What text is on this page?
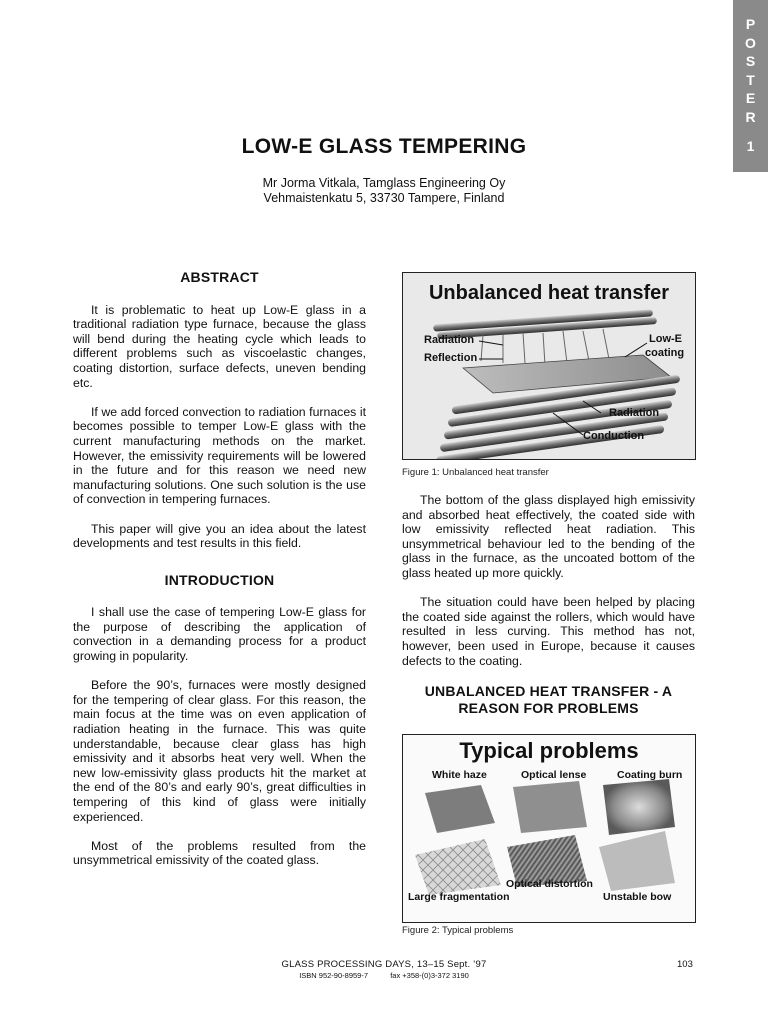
P
O
S
T
E
R
1
LOW-E GLASS TEMPERING
Mr Jorma Vitkala, Tamglass Engineering Oy
Vehmaistenkatu 5, 33730 Tampere, Finland
ABSTRACT

It is problematic to heat up Low-E glass in a traditional radiation type furnace, because the glass will bend during the heating cycle which leads to different problems such as viscoelastic changes, coating distortion, surface defects, uneven bending etc.

If we add forced convection to radiation furnaces it becomes possible to temper Low-E glass with the current manufacturing methods on the market. However, the emissivity requirements will be lowered in the future and for this reason we need new manufacturing solutions. One such solution is the use of convection in tempering furnaces.

This paper will give you an idea about the latest developments and test results in this field.

INTRODUCTION

I shall use the case of tempering Low-E glass for the purpose of describing the application of convection in a demanding process for a product growing in popularity.

Before the 90’s, furnaces were mostly designed for the tempering of clear glass. For this reason, the main focus at the time was on even application of radiation heating in the furnace. This was quite understandable, because clear glass has high emissivity and it absorbs heat very well. When the new low-emissivity glass products hit the market at the end of the 80’s and early 90’s, great difficulties in tempering of this kind of glass were initially experienced.

Most of the problems resulted from the unsymmetrical emissivity of the coated glass.

Unbalanced heat transfer
Radiation
Reflection
Low-E
coating
Radiation
Conduction
Figure 1: Unbalanced heat transfer

The bottom of the glass displayed high emissivity and absorbed heat effectively, the coated side with low emissivity reflected heat radiation. This unsymmetrical behaviour led to the bending of the glass in the furnace, as the uncoated bottom of the glass heated up more quickly.

The situation could have been helped by placing the coated side against the rollers, which would have resulted in less curving. This method has not, however, been used in Europe, because it causes defects to the coating.

UNBALANCED HEAT TRANSFER - A
REASON FOR PROBLEMS
Typical problems
White haze	Optical lense	Coating burn
Optical distortion
Large fragmentation	Unstable bow
Figure 2: Typical problems
GLASS PROCESSING DAYS, 13–15 Sept. ’97	103
ISBN 952-90-8959-7	fax +358-(0)3-372 3190
